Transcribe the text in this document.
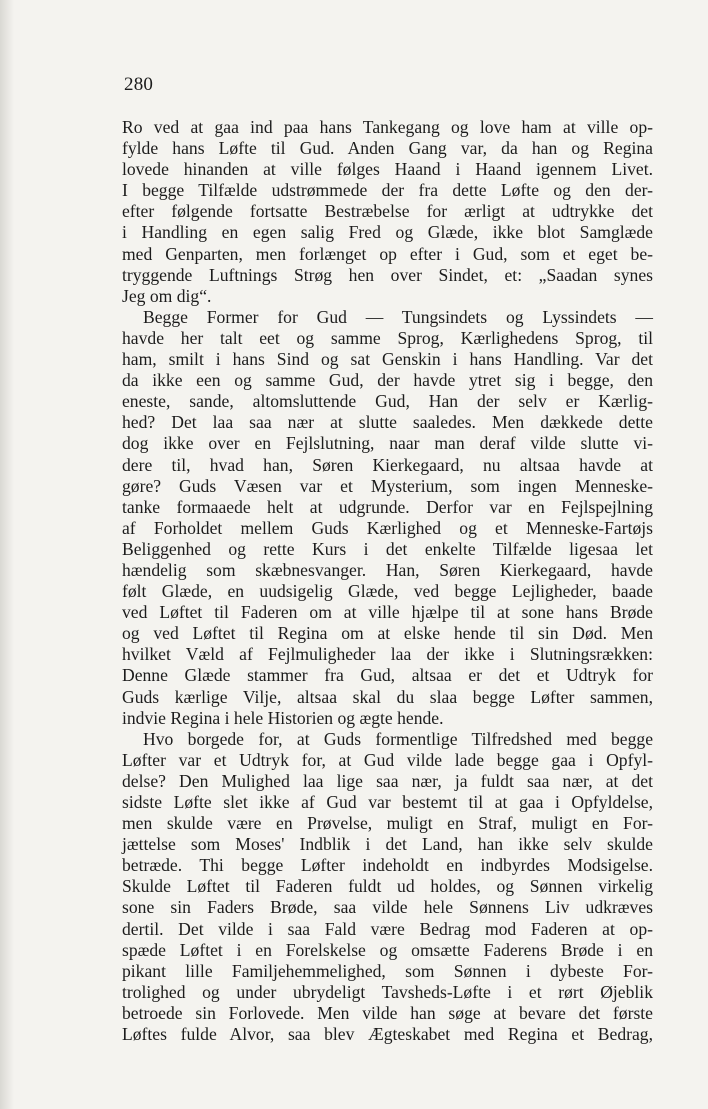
280
Ro ved at gaa ind paa hans Tankegang og love ham at ville op-
fylde hans Løfte til Gud. Anden Gang var, da han og Regina
lovede hinanden at ville følges Haand i Haand igennem Livet.
I begge Tilfælde udstrømmede der fra dette Løfte og den der-
efter følgende fortsatte Bestræbelse for ærligt at udtrykke det
i Handling en egen salig Fred og Glæde, ikke blot Samglæde
med Genparten, men forlænget op efter i Gud, som et eget be-
tryggende Luftnings Strøg hen over Sindet, et: „Saadan synes
Jeg om dig“.
Begge Former for Gud — Tungsindets og Lyssindets —
havde her talt eet og samme Sprog, Kærlighedens Sprog, til
ham, smilt i hans Sind og sat Genskin i hans Handling. Var det
da ikke een og samme Gud, der havde ytret sig i begge, den
eneste, sande, altomsluttende Gud, Han der selv er Kærlig-
hed? Det laa saa nær at slutte saaledes. Men dækkede dette
dog ikke over en Fejlslutning, naar man deraf vilde slutte vi-
dere til, hvad han, Søren Kierkegaard, nu altsaa havde at
gøre? Guds Væsen var et Mysterium, som ingen Menneske-
tanke formaaede helt at udgrunde. Derfor var en Fejlspejlning
af Forholdet mellem Guds Kærlighed og et Menneske-Fartøjs
Beliggenhed og rette Kurs i det enkelte Tilfælde ligesaa let
hændelig som skæbnesvanger. Han, Søren Kierkegaard, havde
følt Glæde, en uudsigelig Glæde, ved begge Lejligheder, baade
ved Løftet til Faderen om at ville hjælpe til at sone hans Brøde
og ved Løftet til Regina om at elske hende til sin Død. Men
hvilket Væld af Fejlmuligheder laa der ikke i Slutningsrækken:
Denne Glæde stammer fra Gud, altsaa er det et Udtryk for
Guds kærlige Vilje, altsaa skal du slaa begge Løfter sammen,
indvie Regina i hele Historien og ægte hende.
Hvo borgede for, at Guds formentlige Tilfredshed med begge
Løfter var et Udtryk for, at Gud vilde lade begge gaa i Opfyl-
delse? Den Mulighed laa lige saa nær, ja fuldt saa nær, at det
sidste Løfte slet ikke af Gud var bestemt til at gaa i Opfyldelse,
men skulde være en Prøvelse, muligt en Straf, muligt en For-
jættelse som Moses' Indblik i det Land, han ikke selv skulde
betræde. Thi begge Løfter indeholdt en indbyrdes Modsigelse.
Skulde Løftet til Faderen fuldt ud holdes, og Sønnen virkelig
sone sin Faders Brøde, saa vilde hele Sønnens Liv udkræves
dertil. Det vilde i saa Fald være Bedrag mod Faderen at op-
spæde Løftet i en Forelskelse og omsætte Faderens Brøde i en
pikant lille Familjehemmelighed, som Sønnen i dybeste For-
trolighed og under ubrydeligt Tavsheds-Løfte i et rørt Øjeblik
betroede sin Forlovede. Men vilde han søge at bevare det første
Løftes fulde Alvor, saa blev Ægteskabet med Regina et Bedrag,
